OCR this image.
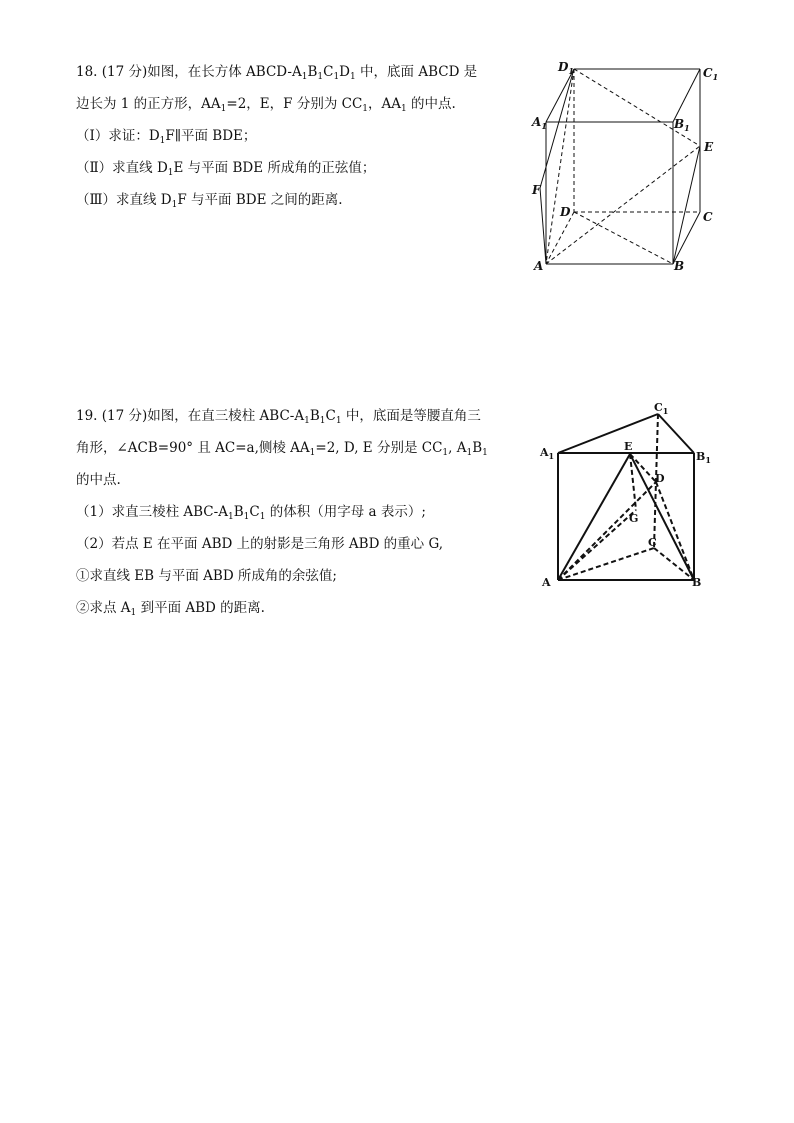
18. (17 分)如图，在长方体 ABCD-$A_1B_1C_1D_1$ 中，底面 ABCD 是

边长为 1 的正方形，$AA_1=2$，E，F 分别为 $CC_1$，$AA_1$ 的中点.

（Ⅰ）求证：$D_1F\parallel$平面 BDE；

（Ⅱ）求直线 $D_1E$ 与平面 BDE 所成角的正弦值；

（Ⅲ）求直线 $D_1F$ 与平面 BDE 之间的距离.

$D_1$	$C_1$
$A_1$	$B_1$
E
F
D	C
A	B

19. (17 分)如图，在直三棱柱 ABC-$A_1B_1C_1$ 中，底面是等腰直角三

角形，∠ACB=90° 且 AC=a,侧棱 $AA_1=2$, D, E 分别是 $CC_1$, $A_1B_1$

的中点.

（1）求直三棱柱 ABC-$A_1B_1C_1$ 的体积（用字母 a 表示）;

（2）若点 E 在平面 ABD 上的射影是三角形 ABD 的重心 G,

①求直线 EB 与平面 ABD 所成角的余弦值;

②求点 $A_1$ 到平面 ABD 的距离.

$C_1$
$A_1$	$B_1$
E
D
G
C
A	B
